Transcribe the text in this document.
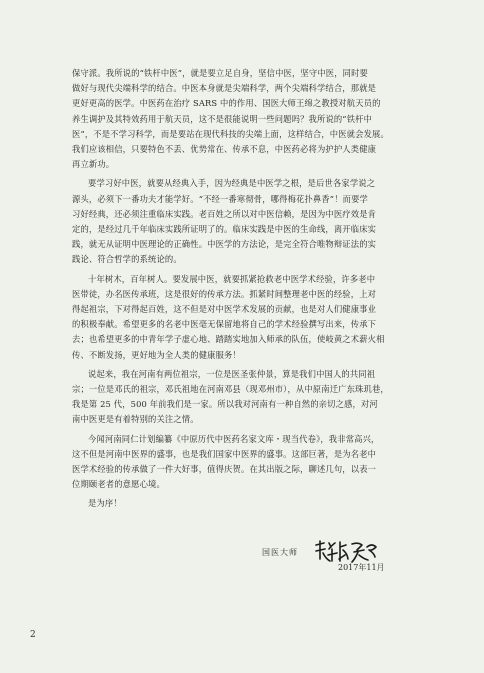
保守派。我所说的“铁杆中医”，就是要立足自身，坚信中医，坚守中医，同时要
做好与现代尖端科学的结合。中医本身就是尖端科学，两个尖端科学结合，那就是
更好更高的医学。中医药在治疗 SARS 中的作用、国医大师王绵之教授对航天员的
养生调护及其特效药用于航天员，这不是很能说明一些问题吗？我所说的“铁杆中
医”，不是不学习科学，而是要站在现代科技的尖端上面，这样结合，中医就会发展。
我们应该相信，只要特色不丢、优势常在、传承不息，中医药必将为护护人类健康
再立新功。

要学习好中医，就要从经典入手，因为经典是中医学之根，是后世各家学说之
源头，必须下一番功夫才能学好。“不经一番寒彻骨，哪得梅花扑鼻香”！而要学
习好经典，还必须注重临床实践。老百姓之所以对中医信赖，是因为中医疗效是肯
定的，是经过几千年临床实践所证明了的。临床实践是中医的生命线，离开临床实
践，就无从证明中医理论的正确性。中医学的方法论，是完全符合唯物辩证法的实
践论、符合哲学的系统论的。

十年树木，百年树人。要发展中医，就要抓紧抢救老中医学术经验，许多老中
医带徒，办名医传承班，这是很好的传承方法。抓紧时间整理老中医的经验，上对
得起祖宗，下对得起百姓，这不但是对中医学术发展的贡献，也是对人们健康事业
的积极奉献。希望更多的名老中医毫无保留地将自己的学术经验撰写出来，传承下
去；也希望更多的中青年学子虚心地、踏踏实地加入师承的队伍，使岐黄之术薪火相
传、不断发扬，更好地为全人类的健康服务！

说起来，我在河南有两位祖宗，一位是医圣张仲景，算是我们中国人的共同祖
宗；一位是邓氏的祖宗，邓氏祖地在河南邓县（现邓州市），从中原南迁广东珠玑巷，
我是第 25 代，500 年前我们是一家。所以我对河南有一种自然的亲切之感，对河
南中医更是有着特别的关注之情。

今闻河南同仁计划编纂《中原历代中医药名家文库・现当代卷》，我非常高兴，
这不但是河南中医界的盛事，也是我们国家中医界的盛事。这部巨著，是为名老中
医学术经验的传承做了一件大好事，值得庆贺。在其出版之际，聊述几句，以表一
位期颐老者的意愿心境。

是为序！

国医大师
2017年11月
2
